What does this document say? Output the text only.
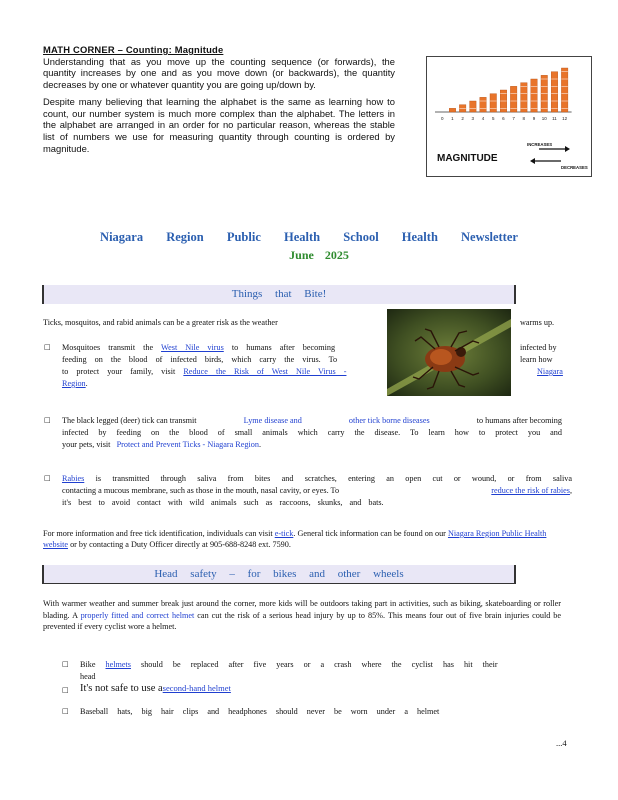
MATH CORNER – Counting: Magnitude

Understanding that as you move up the counting sequence (or forwards), the quantity increases by one and as you move down (or backwards), the quantity decreases by one or whatever quantity you are going up/down by.

Despite many believing that learning the alphabet is the same as learning how to count, our number system is much more complex than the alphabet. The letters in the alphabet are arranged in an order for no particular reason, whereas the stable list of numbers we use for measuring quantity through counting is ordered by magnitude.

0 1 2 3 4 5 6 7 8 9 10 11 12
MAGNITUDE
INCREASES
DECREASES
Niagara Region Public Health School Health Newsletter
June 2025
Things that Bite!
Ticks, mosquitos, and rabid animals can be a greater risk as the weather	warms up.
□ Mosquitoes transmit the West Nile virus to humans after becoming
feeding on the blood of infected birds, which carry the virus. To
to protect your family, visit Reduce the Risk of West Nile Virus -
Region.
infected by
learn how
Niagara
□ The black legged (deer) tick can transmit	Lyme disease and	other tick borne diseases	to humans after becoming
infected by feeding on the blood of small animals which carry the disease. To learn how to protect you and
your pets, visit Protect and Prevent Ticks - Niagara Region.
□ Rabies is transmitted through saliva from bites and scratches, entering an open cut or wound, or from saliva
contacting a mucous membrane, such as those in the mouth, nasal cavity, or eyes. To	reduce the risk of rabies,
it's best to avoid contact with wild animals such as raccoons, skunks, and bats.
For more information and free tick identification, individuals can visit e-tick. General tick information can be found on our Niagara Region Public Health website or by contacting a Duty Officer directly at 905-688-8248 ext. 7590.
Head safety – for bikes and other wheels
With warmer weather and summer break just around the corner, more kids will be outdoors taking part in activities, such as biking, skateboarding or roller blading. A properly fitted and correct helmet can cut the risk of a serious head injury by up to 85%. This means four out of five brain injuries could be prevented if every cyclist wore a helmet.
□ Bike helmets should be replaced after five years or a crash where the cyclist has hit their head
□ It's not safe to use asecond-hand helmet
□ Baseball hats, big hair clips and headphones should never be worn under a helmet
...4
